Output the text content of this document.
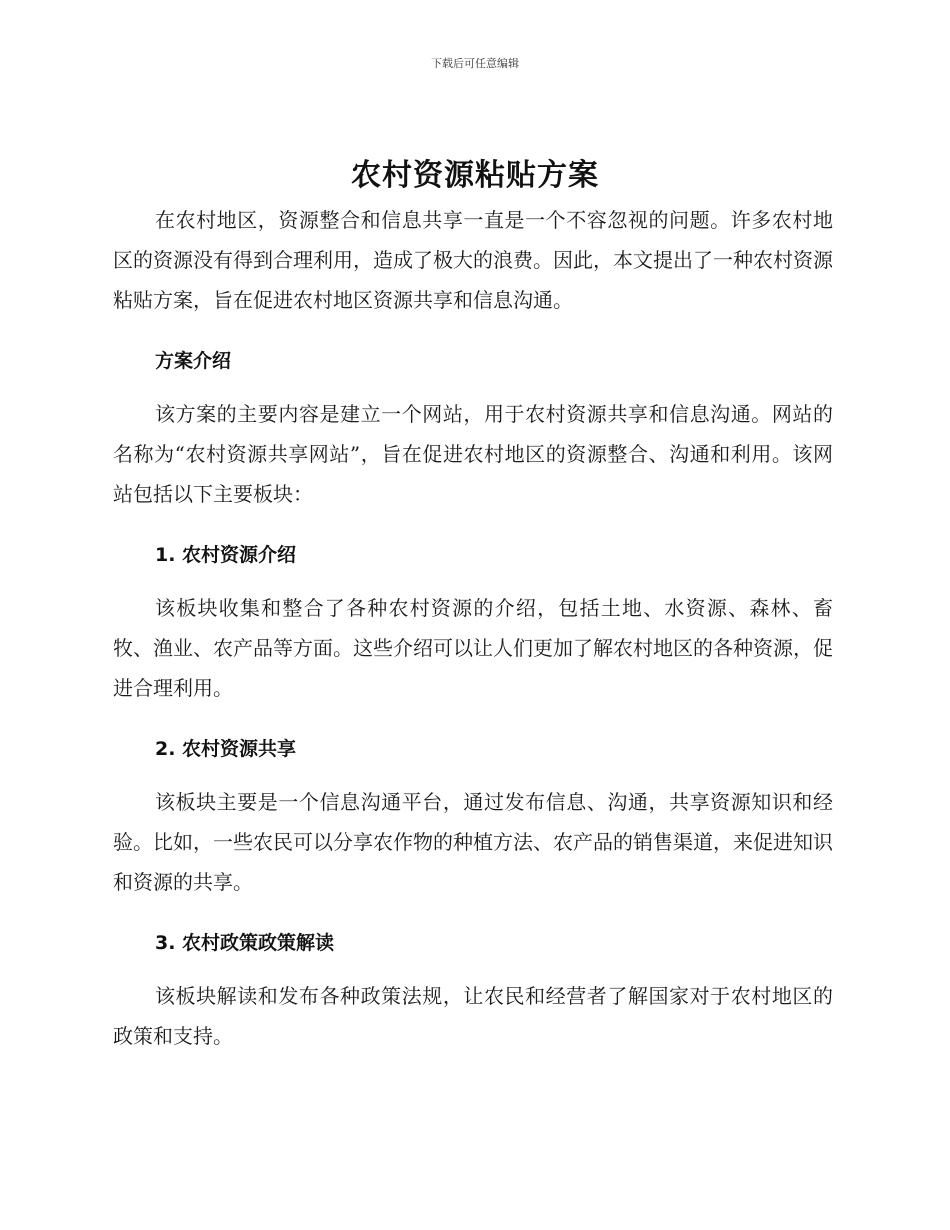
下载后可任意编辑
农村资源粘贴方案

在农村地区，资源整合和信息共享一直是一个不容忽视的问题。许多农村地区的资源没有得到合理利用，造成了极大的浪费。因此，本文提出了一种农村资源粘贴方案，旨在促进农村地区资源共享和信息沟通。

方案介绍

该方案的主要内容是建立一个网站，用于农村资源共享和信息沟通。网站的名称为“农村资源共享网站”，旨在促进农村地区的资源整合、沟通和利用。该网站包括以下主要板块：

1. 农村资源介绍

该板块收集和整合了各种农村资源的介绍，包括土地、水资源、森林、畜牧、渔业、农产品等方面。这些介绍可以让人们更加了解农村地区的各种资源，促进合理利用。

2. 农村资源共享

该板块主要是一个信息沟通平台，通过发布信息、沟通，共享资源知识和经验。比如，一些农民可以分享农作物的种植方法、农产品的销售渠道，来促进知识和资源的共享。

3. 农村政策政策解读

该板块解读和发布各种政策法规，让农民和经营者了解国家对于农村地区的政策和支持。
